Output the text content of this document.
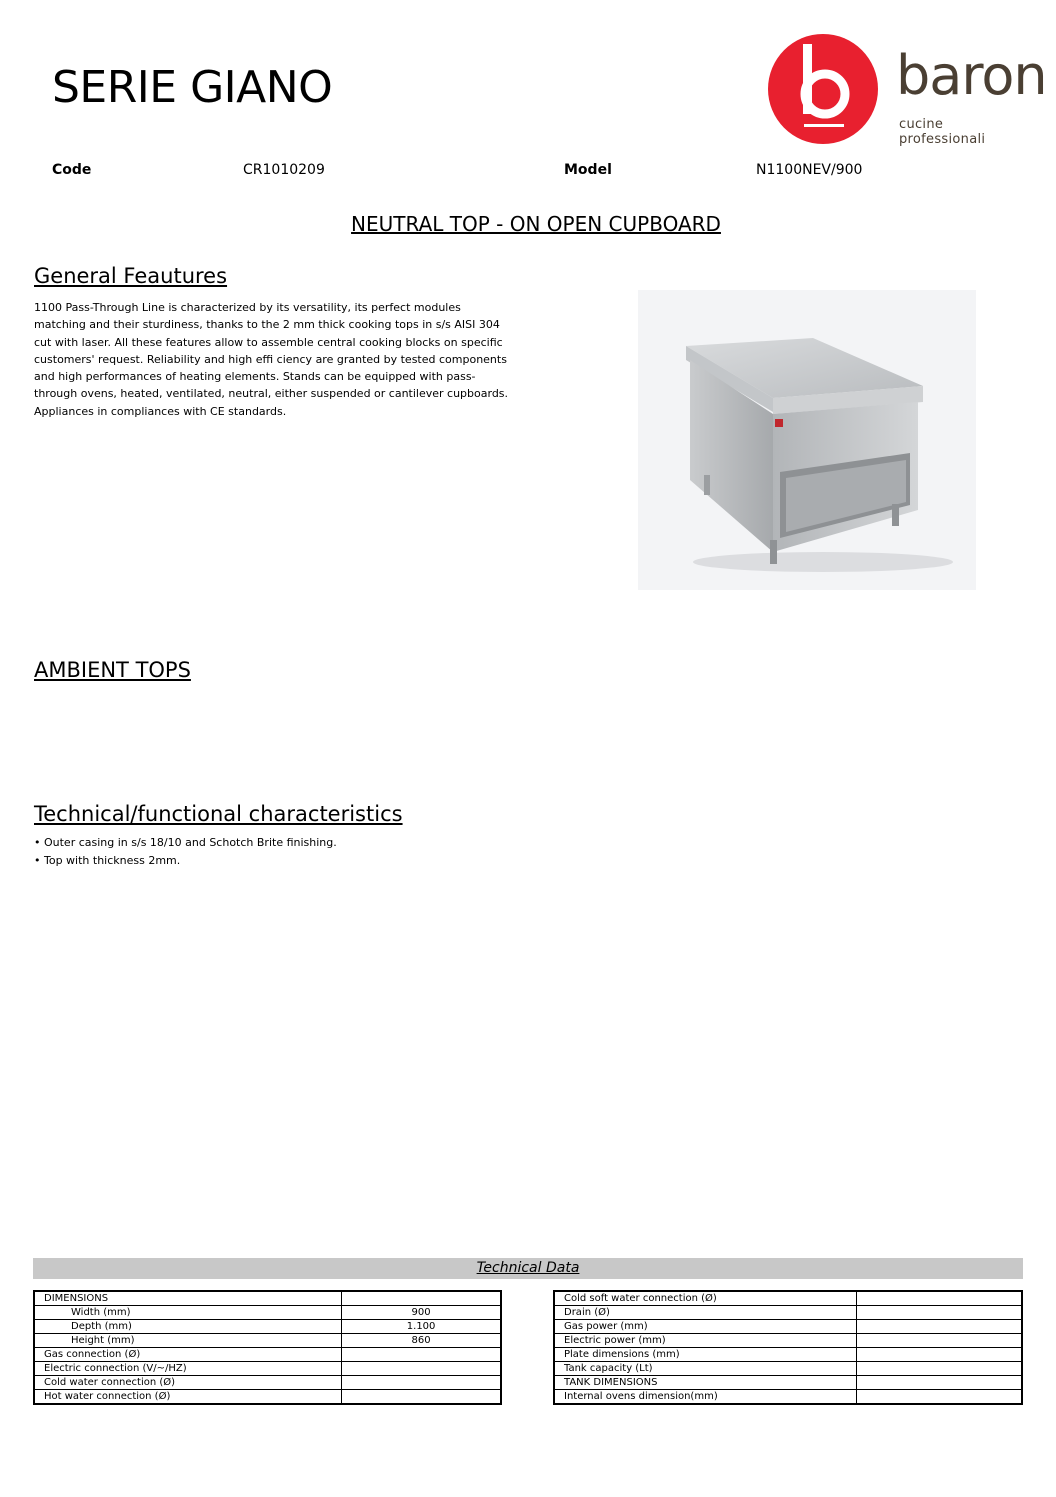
SERIE GIANO	baron
cucine professionali
Code	CR1010209	Model	N1100NEV/900
NEUTRAL TOP - ON OPEN CUPBOARD
General Feautures
1100 Pass-Through Line is characterized by its versatility, its perfect modules matching and their sturdiness, thanks to the 2 mm thick cooking tops in s/s AISI 304 cut with laser. All these features allow to assemble central cooking blocks on specific customers' request. Reliability and high effi ciency are granted by tested components and high performances of heating elements. Stands can be equipped with pass-through ovens, heated, ventilated, neutral, either suspended or cantilever cupboards. Appliances in compliances with CE standards.
AMBIENT TOPS
Technical/functional characteristics
• Outer casing in s/s 18/10 and Schotch Brite finishing.
• Top with thickness 2mm.
Technical Data
DIMENSIONS	
Width (mm)	900
Depth (mm)	1.100
Height (mm)	860
Gas connection (Ø)	
Electric connection (V/~/HZ)	
Cold water connection (Ø)	
Hot water connection (Ø)	
Cold soft water connection (Ø)	
Drain (Ø)	
Gas power (mm)	
Electric power (mm)	
Plate dimensions (mm)	
Tank capacity (Lt)	
TANK DIMENSIONS	
Internal ovens dimension(mm)	
